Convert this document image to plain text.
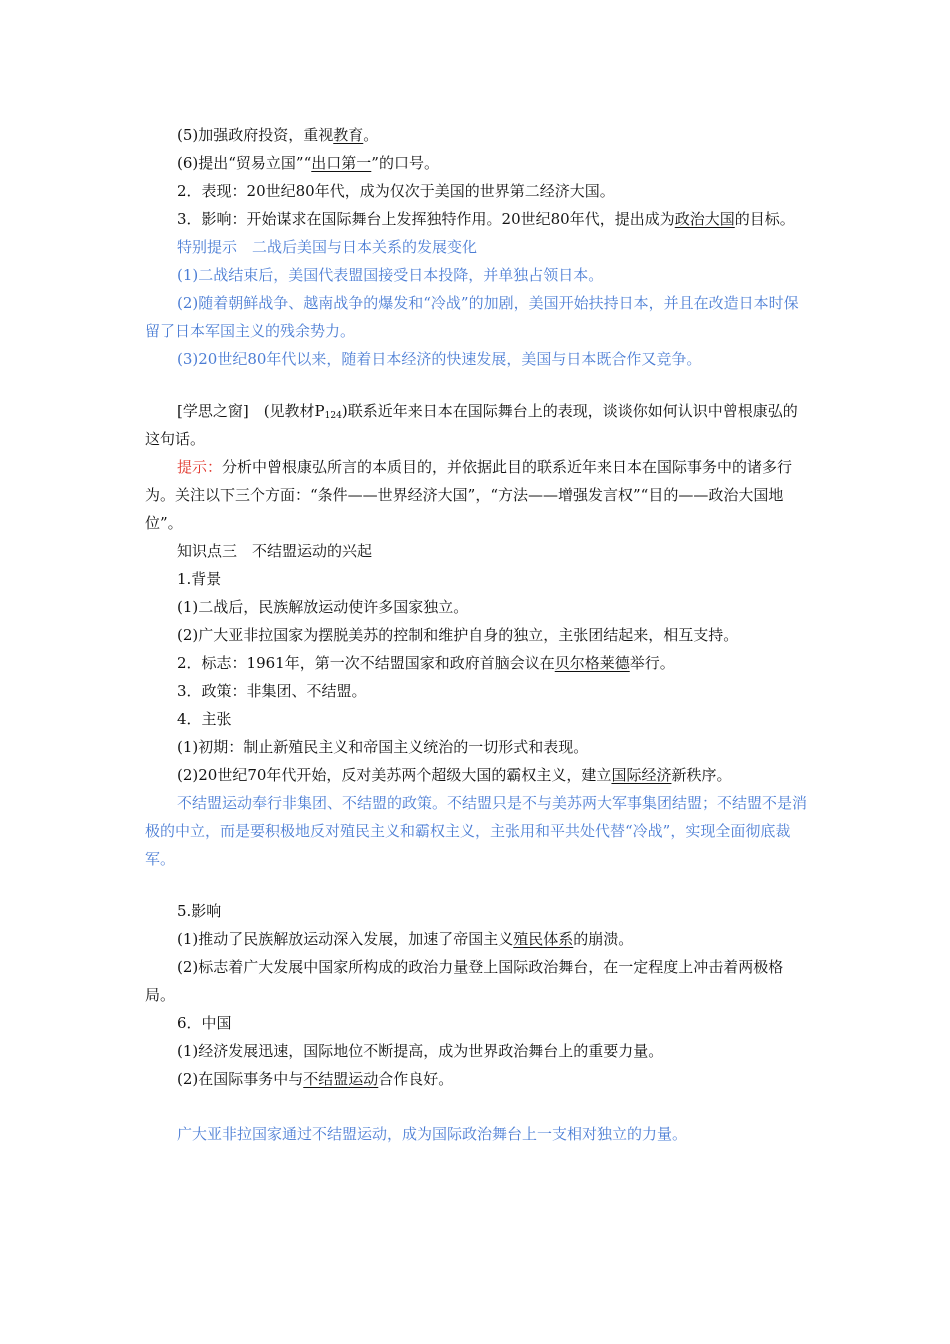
(5)加强政府投资，重视教育。

(6)提出“贸易立国”“出口第一”的口号。

2．表现：20世纪80年代，成为仅次于美国的世界第二经济大国。

3．影响：开始谋求在国际舞台上发挥独特作用。20世纪80年代，提出成为政治大国的目标。

特别提示　二战后美国与日本关系的发展变化

(1)二战结束后，美国代表盟国接受日本投降，并单独占领日本。

(2)随着朝鲜战争、越南战争的爆发和“冷战”的加剧，美国开始扶持日本，并且在改造日本时保留了日本军国主义的残余势力。

(3)20世纪80年代以来，随着日本经济的快速发展，美国与日本既合作又竞争。

[学思之窗]　(见教材$P_{124}$)联系近年来日本在国际舞台上的表现，谈谈你如何认识中曾根康弘的这句话。

提示：分析中曾根康弘所言的本质目的，并依据此目的联系近年来日本在国际事务中的诸多行为。关注以下三个方面：“条件——世界经济大国”，“方法——增强发言权”“目的——政治大国地位”。

知识点三　不结盟运动的兴起

1.背景

(1)二战后，民族解放运动使许多国家独立。

(2)广大亚非拉国家为摆脱美苏的控制和维护自身的独立，主张团结起来，相互支持。

2．标志：1961年，第一次不结盟国家和政府首脑会议在贝尔格莱德举行。

3．政策：非集团、不结盟。

4．主张

(1)初期：制止新殖民主义和帝国主义统治的一切形式和表现。

(2)20世纪70年代开始，反对美苏两个超级大国的霸权主义，建立国际经济新秩序。

不结盟运动奉行非集团、不结盟的政策。不结盟只是不与美苏两大军事集团结盟；不结盟不是消极的中立，而是要积极地反对殖民主义和霸权主义，主张用和平共处代替“冷战”，实现全面彻底裁军。

5.影响

(1)推动了民族解放运动深入发展，加速了帝国主义殖民体系的崩溃。

(2)标志着广大发展中国家所构成的政治力量登上国际政治舞台，在一定程度上冲击着两极格局。

6．中国

(1)经济发展迅速，国际地位不断提高，成为世界政治舞台上的重要力量。

(2)在国际事务中与不结盟运动合作良好。

广大亚非拉国家通过不结盟运动，成为国际政治舞台上一支相对独立的力量。
